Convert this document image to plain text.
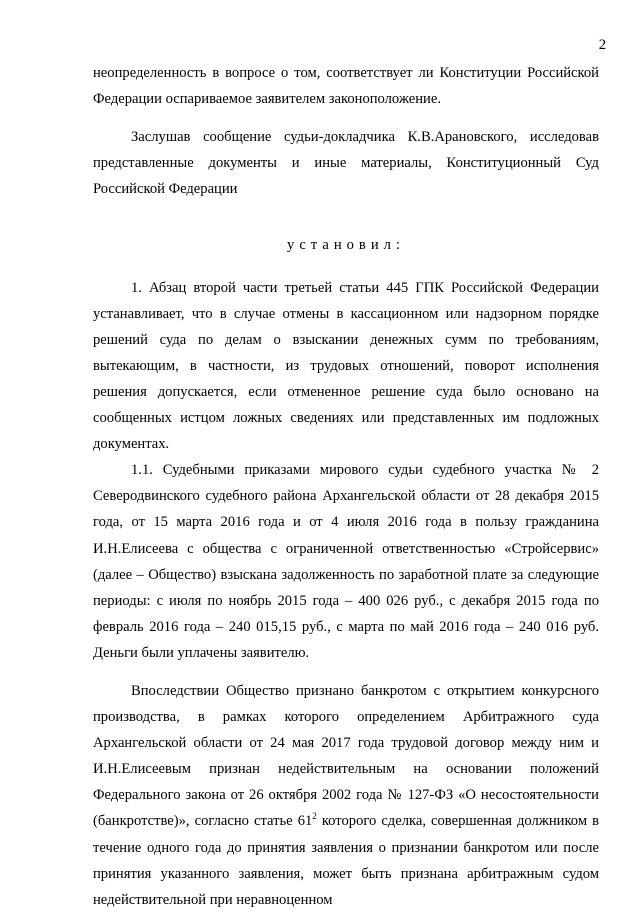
2

неопределенность в вопросе о том, соответствует ли Конституции Российской Федерации оспариваемое заявителем законоположение.

Заслушав сообщение судьи-докладчика К.В.Арановского, исследовав представленные документы и иные материалы, Конституционный Суд Российской Федерации

установил:

1. Абзац второй части третьей статьи 445 ГПК Российской Федерации устанавливает, что в случае отмены в кассационном или надзорном порядке решений суда по делам о взыскании денежных сумм по требованиям, вытекающим, в частности, из трудовых отношений, поворот исполнения решения допускается, если отмененное решение суда было основано на сообщенных истцом ложных сведениях или представленных им подложных документах.

1.1. Судебными приказами мирового судьи судебного участка № 2 Северодвинского судебного района Архангельской области от 28 декабря 2015 года, от 15 марта 2016 года и от 4 июля 2016 года в пользу гражданина И.Н.Елисеева с общества с ограниченной ответственностью «Стройсервис» (далее – Общество) взыскана задолженность по заработной плате за следующие периоды: с июля по ноябрь 2015 года – 400 026 руб., с декабря 2015 года по февраль 2016 года – 240 015,15 руб., с марта по май 2016 года – 240 016 руб. Деньги были уплачены заявителю.

Впоследствии Общество признано банкротом с открытием конкурсного производства, в рамках которого определением Арбитражного суда Архангельской области от 24 мая 2017 года трудовой договор между ним и И.Н.Елисеевым признан недействительным на основании положений Федерального закона от 26 октября 2002 года № 127-ФЗ «О несостоятельности (банкротстве)», согласно статье $61^2$ которого сделка, совершенная должником в течение одного года до принятия заявления о признании банкротом или после принятия указанного заявления, может быть признана арбитражным судом недействительной при неравноценном
